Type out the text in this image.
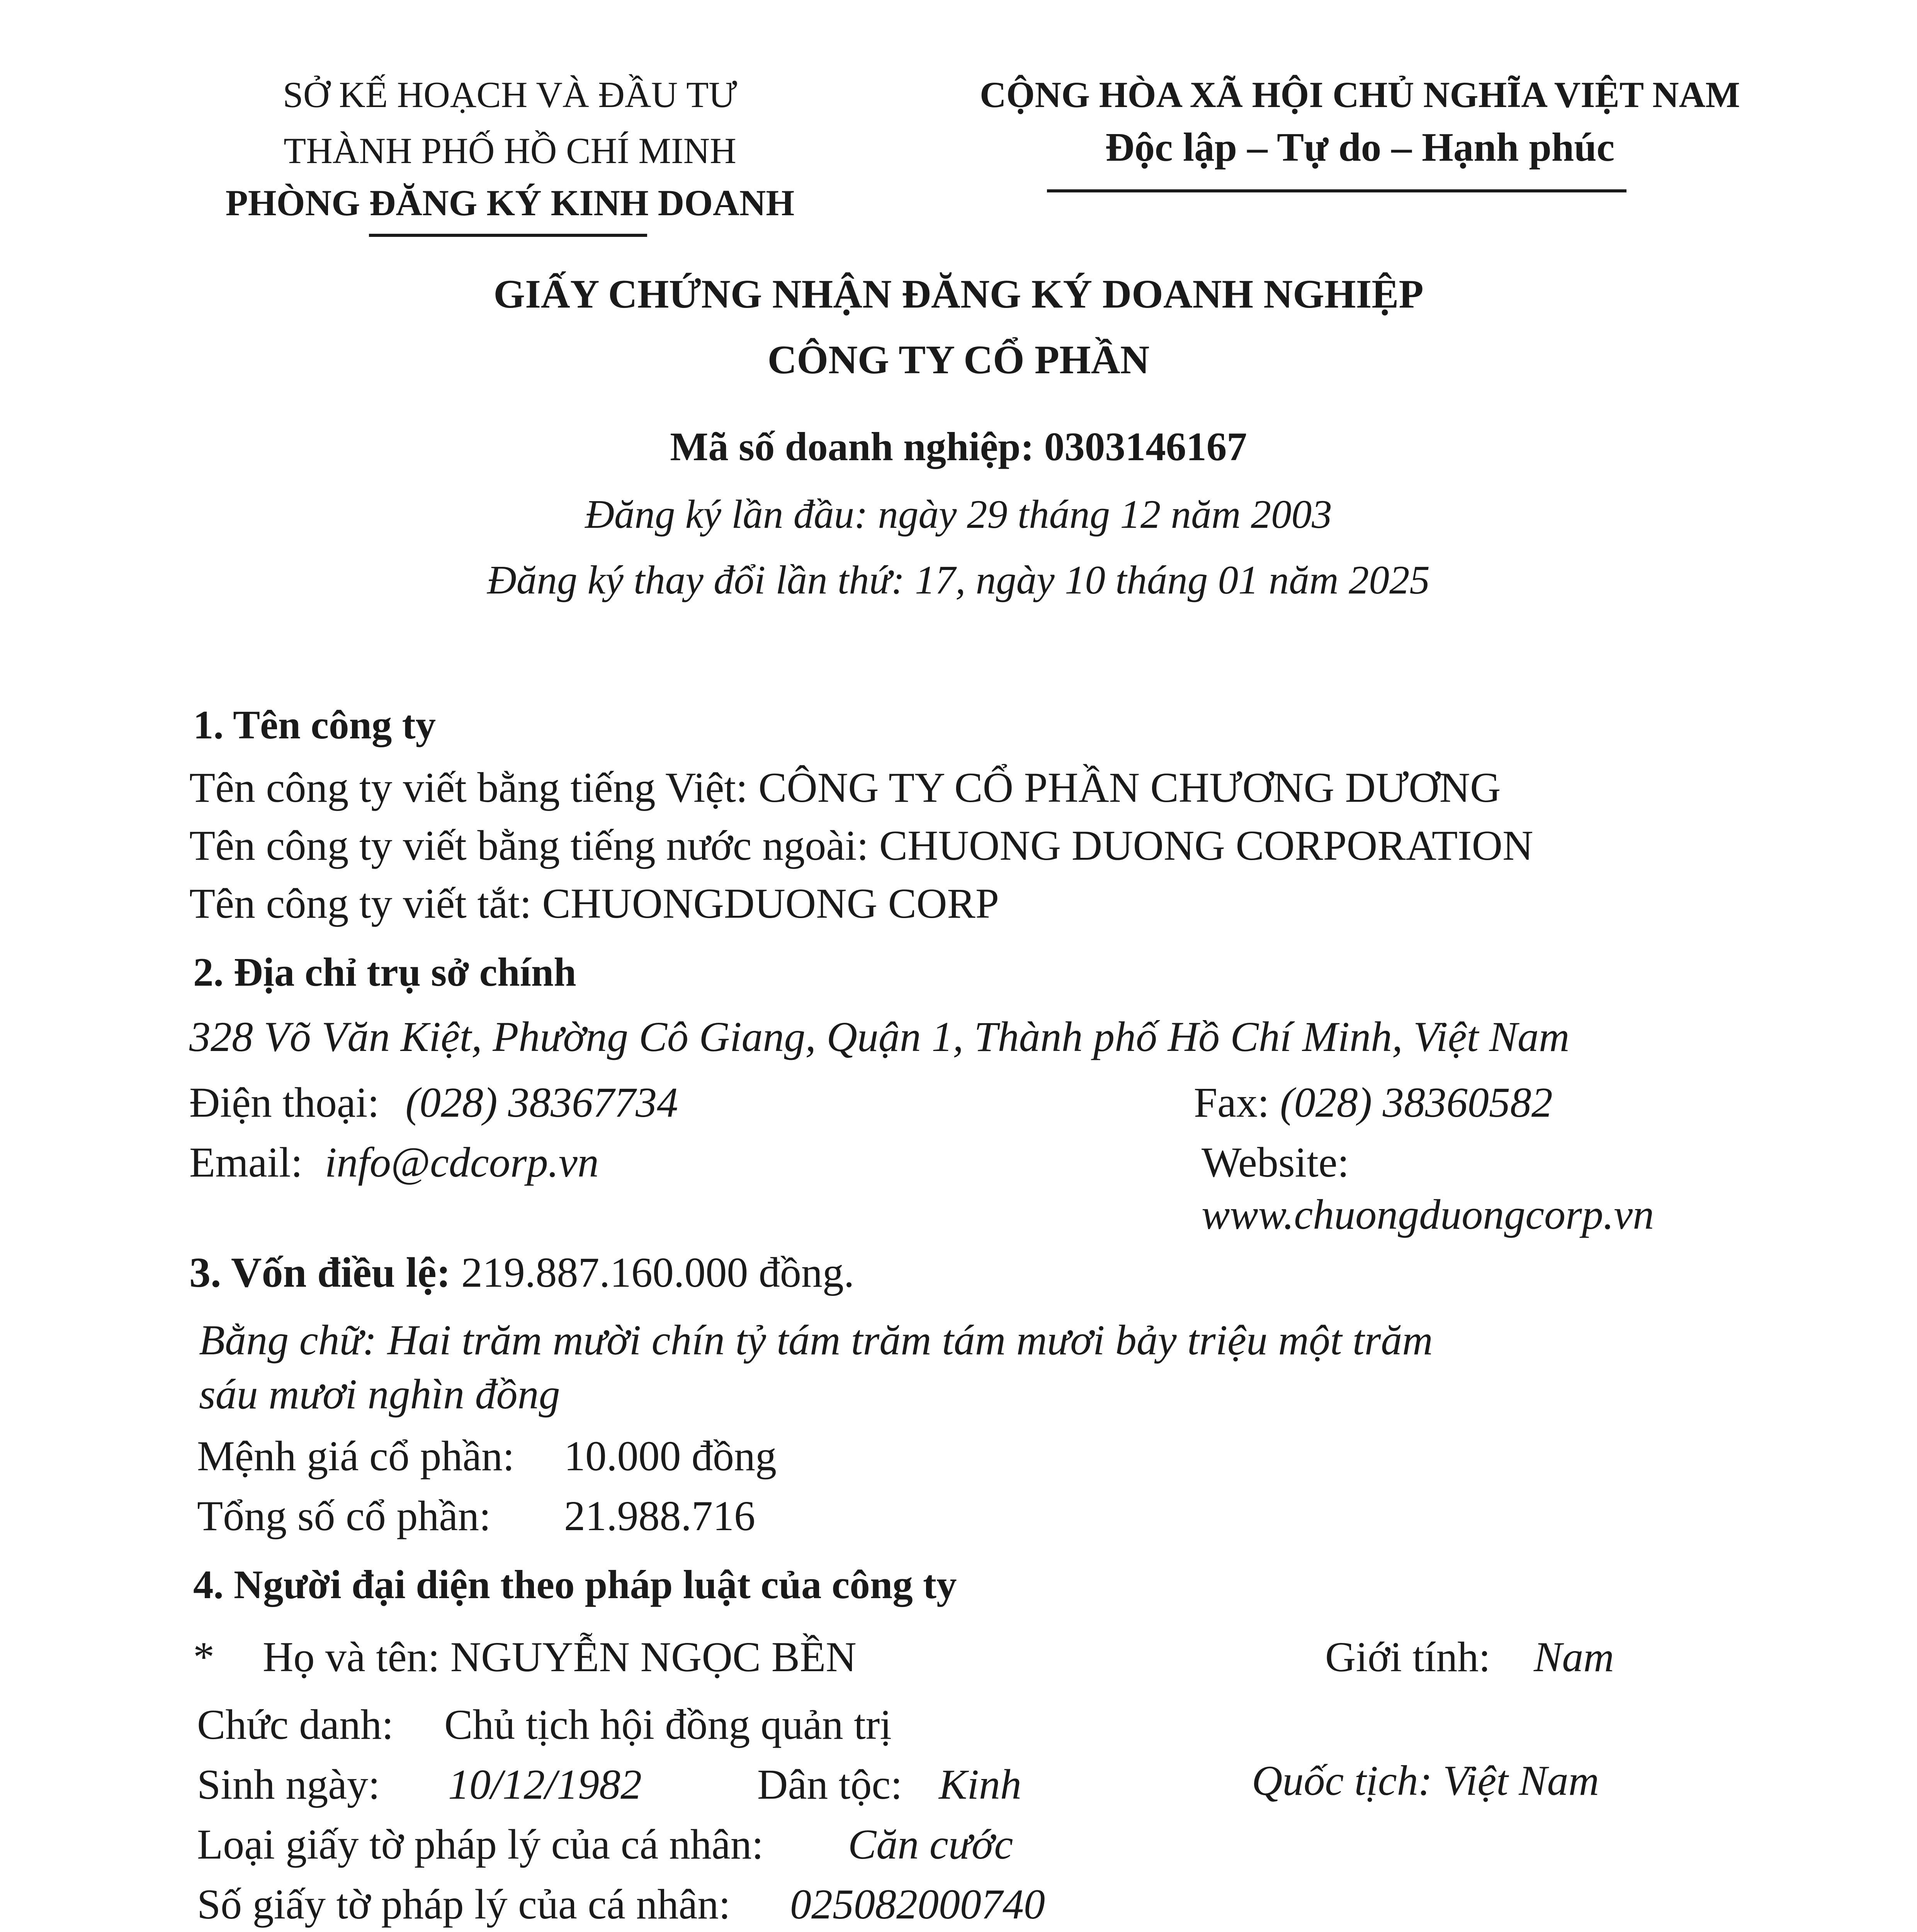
SỞ KẾ HOẠCH VÀ ĐẦU TƯ
THÀNH PHỐ HỒ CHÍ MINH
PHÒNG ĐĂNG KÝ KINH DOANH
CỘNG HÒA XÃ HỘI CHỦ NGHĨA VIỆT NAM
Độc lập – Tự do – Hạnh phúc
GIẤY CHỨNG NHẬN ĐĂNG KÝ DOANH NGHIỆP
CÔNG TY CỔ PHẦN
Mã số doanh nghiệp: 0303146167
Đăng ký lần đầu: ngày 29 tháng 12 năm 2003
Đăng ký thay đổi lần thứ: 17, ngày 10 tháng 01 năm 2025
1. Tên công ty
Tên công ty viết bằng tiếng Việt: CÔNG TY CỔ PHẦN CHƯƠNG DƯƠNG
Tên công ty viết bằng tiếng nước ngoài: CHUONG DUONG CORPORATION
Tên công ty viết tắt: CHUONGDUONG CORP
2. Địa chỉ trụ sở chính
328 Võ Văn Kiệt, Phường Cô Giang, Quận 1, Thành phố Hồ Chí Minh, Việt Nam
Điện thoại: (028) 38367734	Fax: (028) 38360582
Email: info@cdcorp.vn	Website:
www.chuongduongcorp.vn
3. Vốn điều lệ: 219.887.160.000 đồng.
Bằng chữ: Hai trăm mười chín tỷ tám trăm tám mươi bảy triệu một trăm
sáu mươi nghìn đồng
Mệnh giá cổ phần: 10.000 đồng
Tổng số cổ phần: 21.988.716
4. Người đại diện theo pháp luật của công ty
* Họ và tên: NGUYỄN NGỌC BỀN	Giới tính: Nam
Chức danh: Chủ tịch hội đồng quản trị
Sinh ngày: 10/12/1982	Dân tộc: Kinh	Quốc tịch: Việt Nam
Loại giấy tờ pháp lý của cá nhân: Căn cước
Số giấy tờ pháp lý của cá nhân: 025082000740
